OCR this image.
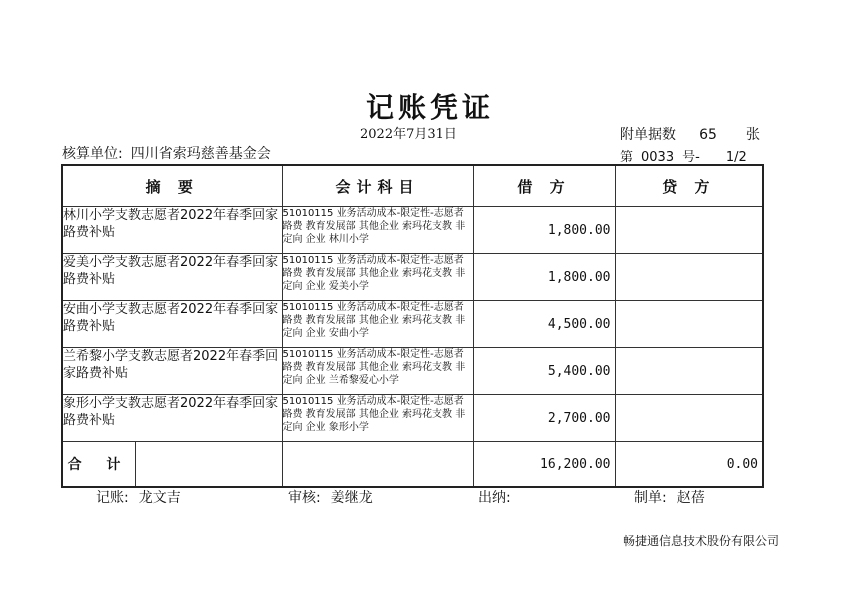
记账凭证
2022年7月31日	附单据数 65 张
核算单位: 四川省索玛慈善基金会	第 0033 号- 1/2
摘 要	会计科目	借 方	贷 方
林川小学支教志愿者2022年春季回家路费补贴	51010115 业务活动成本-限定性-志愿者路费 教育发展部 其他企业 索玛花支教 非定向 企业 林川小学	1,800.00	
爱美小学支教志愿者2022年春季回家路费补贴	51010115 业务活动成本-限定性-志愿者路费 教育发展部 其他企业 索玛花支教 非定向 企业 爱美小学	1,800.00	
安曲小学支教志愿者2022年春季回家路费补贴	51010115 业务活动成本-限定性-志愿者路费 教育发展部 其他企业 索玛花支教 非定向 企业 安曲小学	4,500.00	
兰希黎小学支教志愿者2022年春季回家路费补贴	51010115 业务活动成本-限定性-志愿者路费 教育发展部 其他企业 索玛花支教 非定向 企业 兰希黎爱心小学	5,400.00	
象形小学支教志愿者2022年春季回家路费补贴	51010115 业务活动成本-限定性-志愿者路费 教育发展部 其他企业 索玛花支教 非定向 企业 象形小学	2,700.00	

合 计		16,200.00	0.00
记账: 龙文吉	审核: 姜继龙	出纳:	制单: 赵蓓
畅捷通信息技术股份有限公司
